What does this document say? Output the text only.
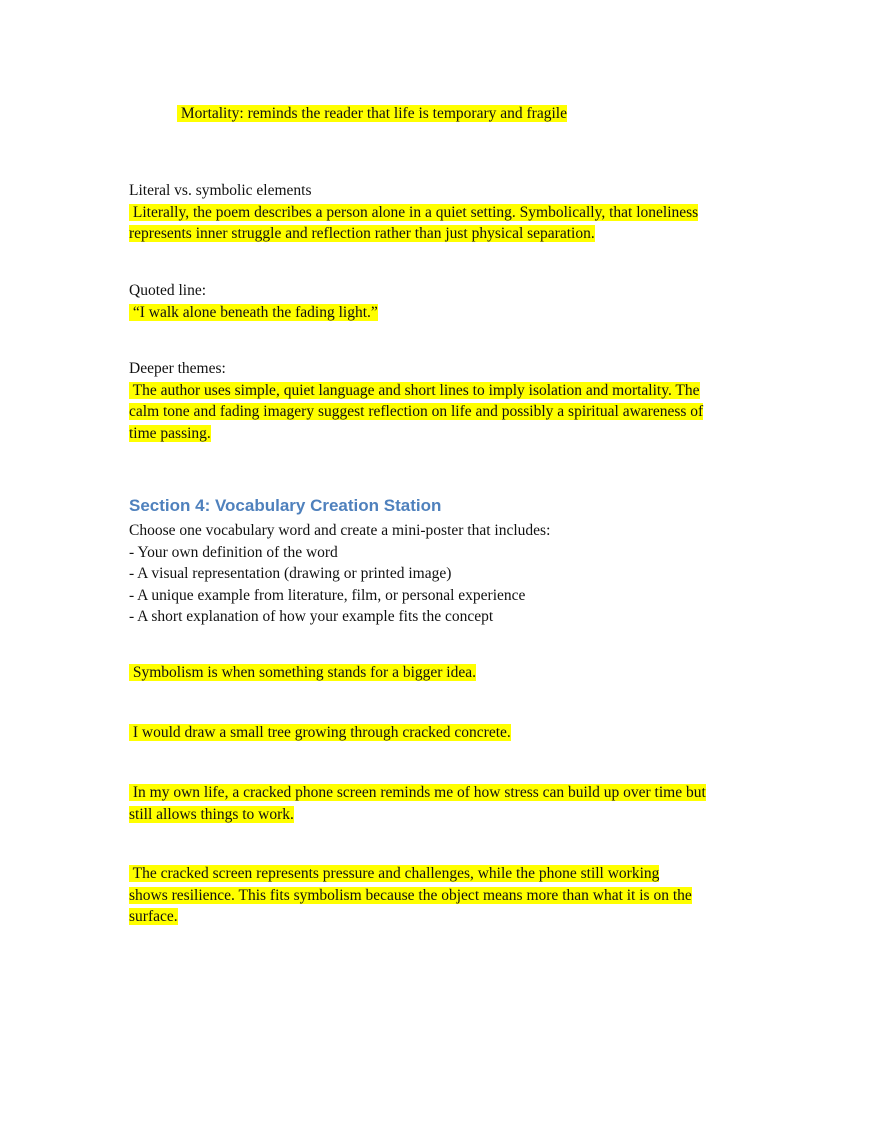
Mortality: reminds the reader that life is temporary and fragile
Literal vs. symbolic elements
Literally, the poem describes a person alone in a quiet setting. Symbolically, that loneliness
represents inner struggle and reflection rather than just physical separation.
Quoted line:
“I walk alone beneath the fading light.”
Deeper themes:
The author uses simple, quiet language and short lines to imply isolation and mortality. The
calm tone and fading imagery suggest reflection on life and possibly a spiritual awareness of
time passing.
Section 4: Vocabulary Creation Station
Choose one vocabulary word and create a mini-poster that includes:
- Your own definition of the word
- A visual representation (drawing or printed image)
- A unique example from literature, film, or personal experience
- A short explanation of how your example fits the concept
Symbolism is when something stands for a bigger idea.
I would draw a small tree growing through cracked concrete.
In my own life, a cracked phone screen reminds me of how stress can build up over time but
still allows things to work.
The cracked screen represents pressure and challenges, while the phone still working
shows resilience. This fits symbolism because the object means more than what it is on the
surface.
